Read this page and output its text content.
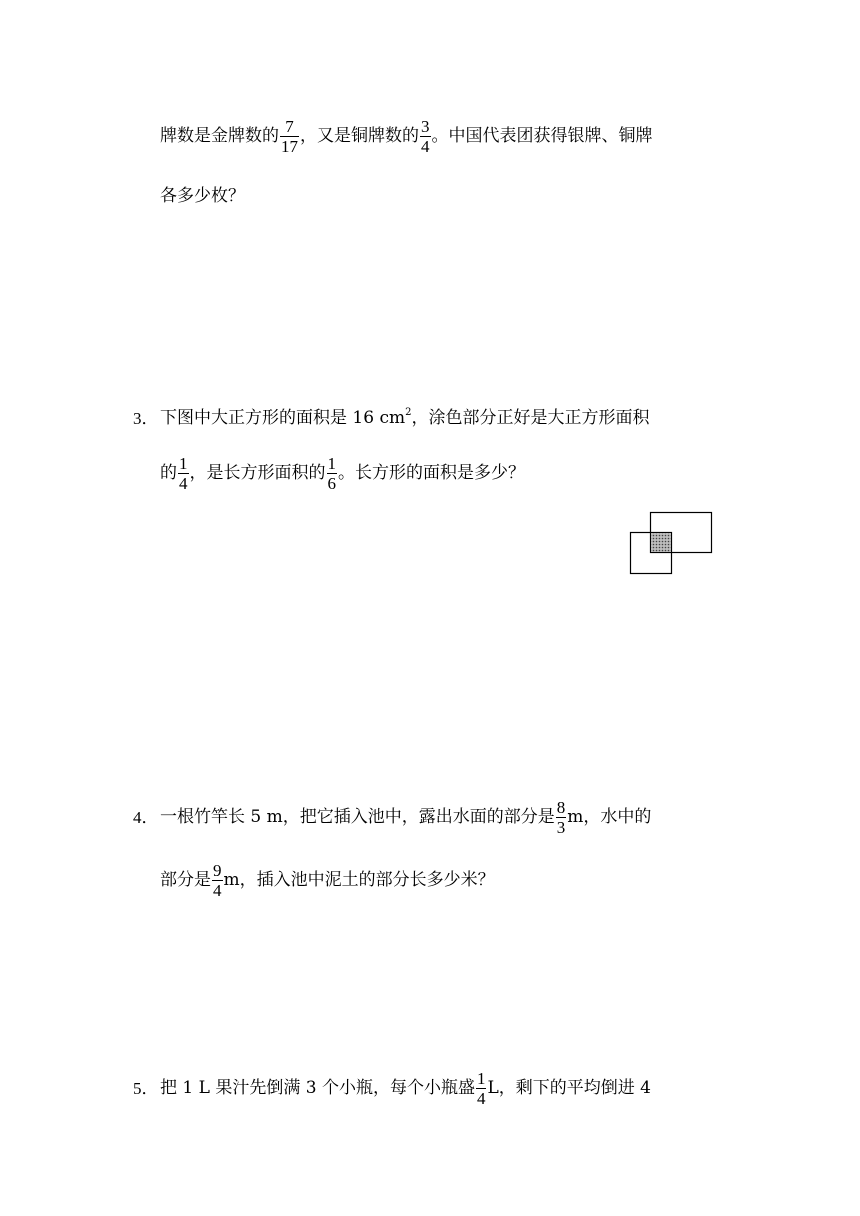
牌数是金牌数的 $\frac{7}{17}$ ，又是铜牌数的 $\frac{3}{4}$ 。中国代表团获得银牌、铜牌
各多少枚？
3． 下图中大正方形的面积是 16 cm 2 ，涂色部分正好是大正方形面积
的 $\frac{1}{4}$ ，是长方形面积的 $\frac{1}{6}$ 。长方形的面积是多少？
4． 一根竹竿长 5 m，把它插入池中，露出水面的部分是 $\frac{8}{3}$ m，水中的
部分是 $\frac{9}{4}$ m，插入池中泥土的部分长多少米？
5． 把 1 L 果汁先倒满 3 个小瓶，每个小瓶盛 $\frac{1}{4}$ L，剩下的平均倒进 4
